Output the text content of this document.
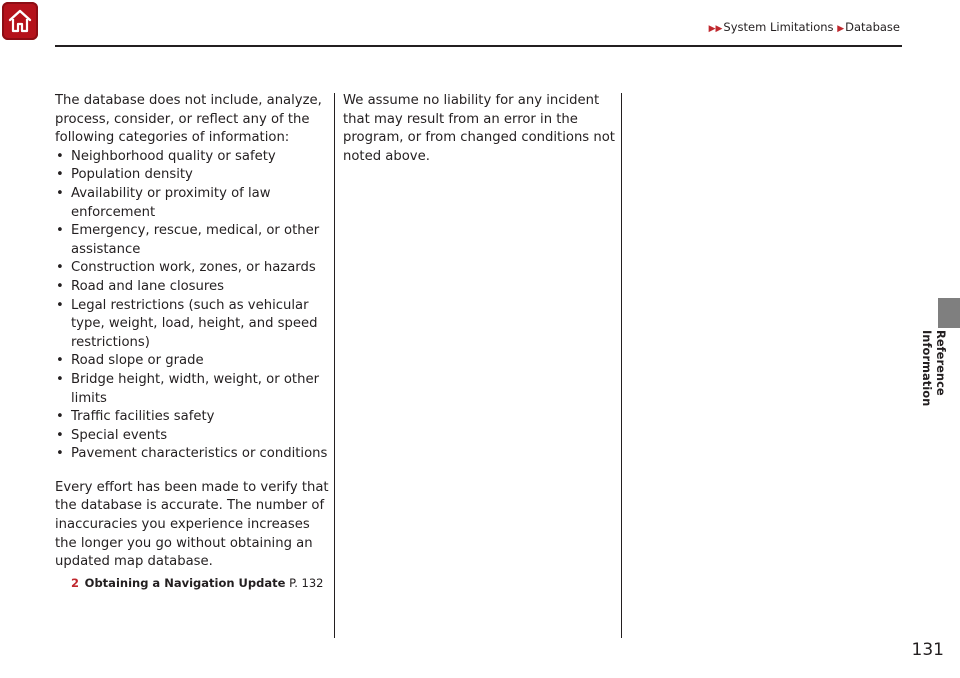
▶▶System Limitations ▶Database

The database does not include, analyze, process, consider, or reflect any of the following categories of information:

• Neighborhood quality or safety
• Population density
• Availability or proximity of law enforcement
• Emergency, rescue, medical, or other assistance
• Construction work, zones, or hazards
• Road and lane closures
• Legal restrictions (such as vehicular type, weight, load, height, and speed restrictions)
• Road slope or grade
• Bridge height, width, weight, or other limits
• Traffic facilities safety
• Special events
• Pavement characteristics or conditions

Every effort has been made to verify that the database is accurate. The number of inaccuracies you experience increases the longer you go without obtaining an updated map database.

2 Obtaining a Navigation Update P. 132

We assume no liability for any incident that may result from an error in the program, or from changed conditions not noted above.

Reference Information
131
